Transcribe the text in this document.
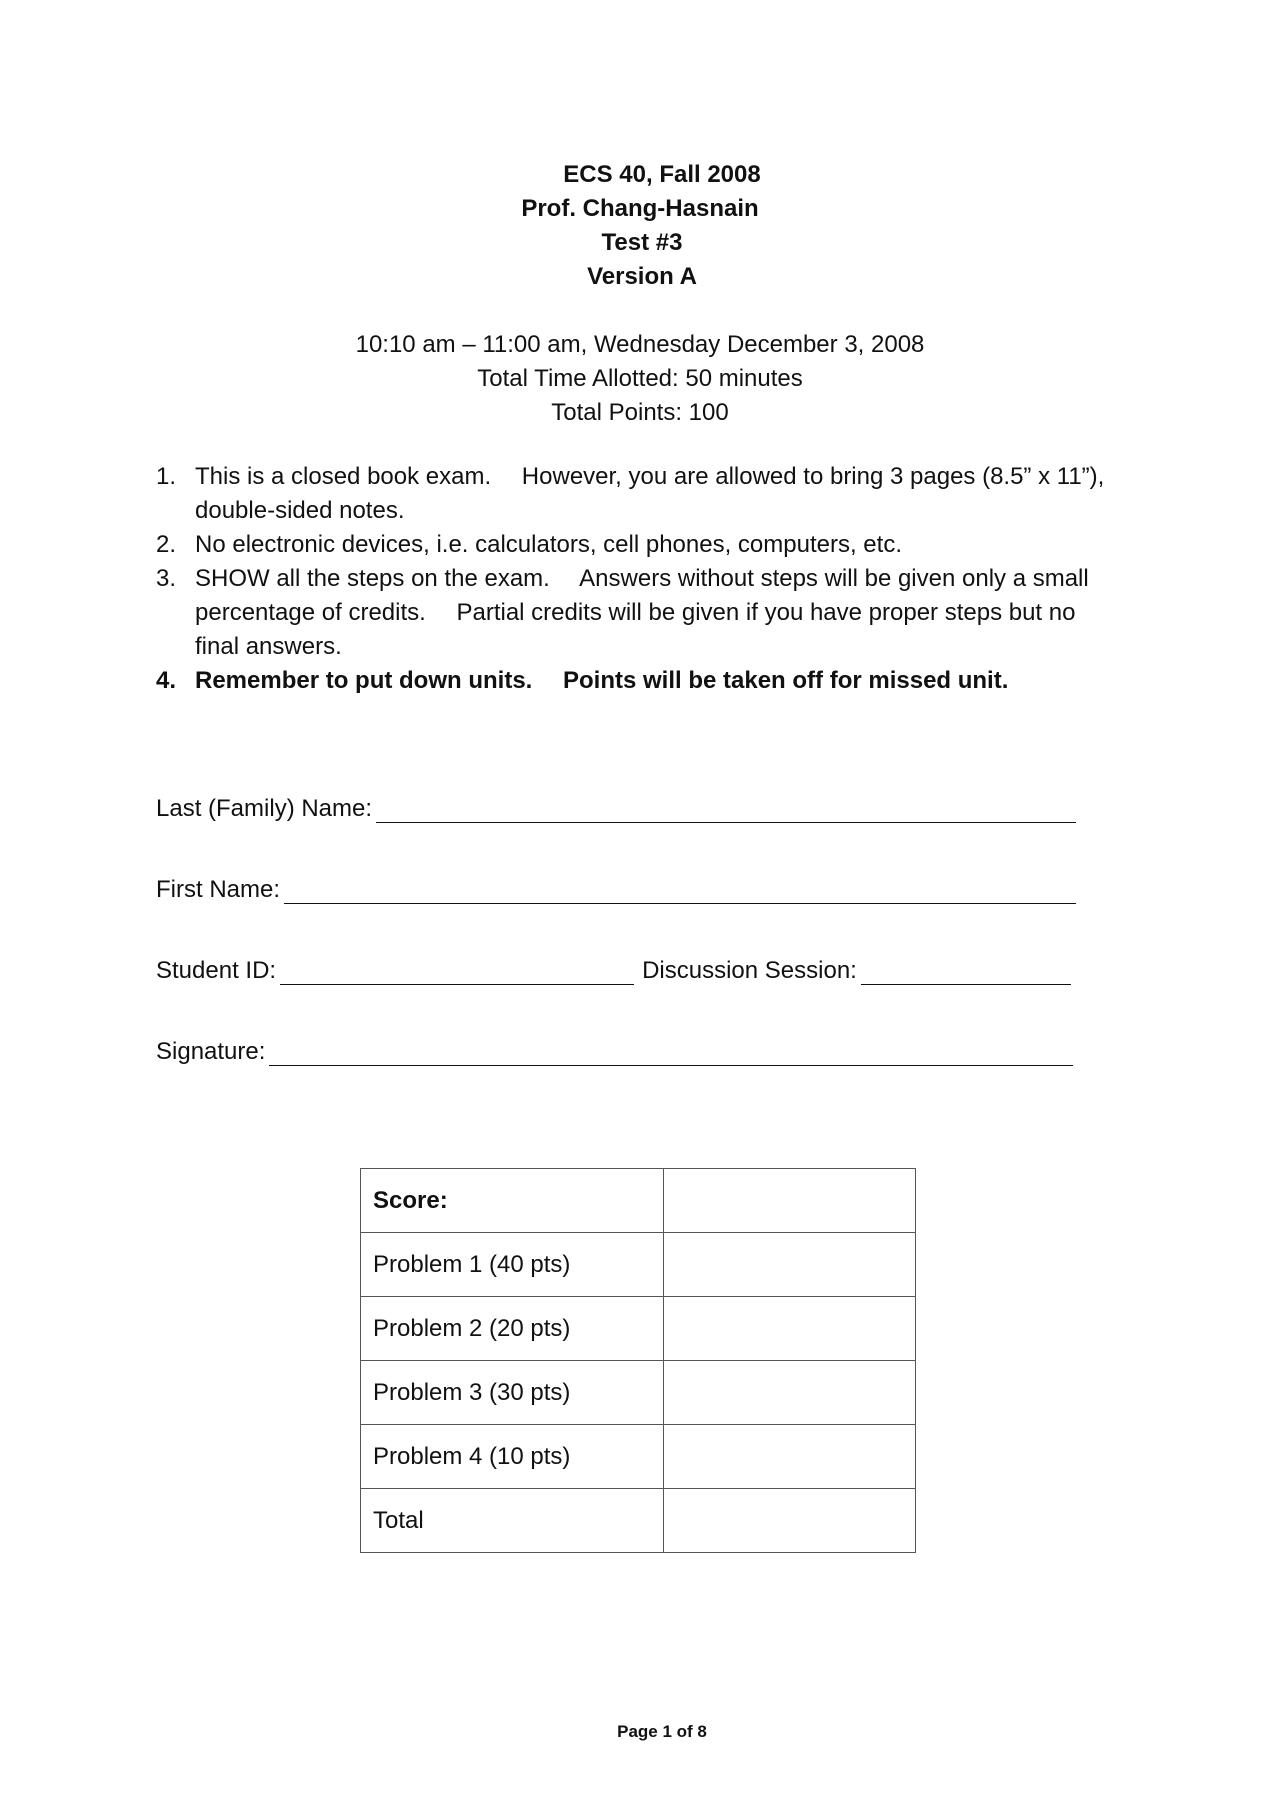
ECS 40, Fall 2008
Prof. Chang-Hasnain
Test #3
Version A
10:10 am – 11:00 am, Wednesday December 3, 2008
Total Time Allotted: 50 minutes
Total Points: 100
1. This is a closed book exam.  However, you are allowed to bring 3 pages (8.5” x 11”), double-sided notes.
2. No electronic devices, i.e. calculators, cell phones, computers, etc.
3. SHOW all the steps on the exam.  Answers without steps will be given only a small percentage of credits.  Partial credits will be given if you have proper steps but no final answers.
4. Remember to put down units.  Points will be taken off for missed unit.
Last (Family) Name:
First Name:
Student ID:	Discussion Session:
Signature:
Score:	
Problem 1 (40 pts)	
Problem 2 (20 pts)	
Problem 3 (30 pts)	
Problem 4 (10 pts)	
Total	
Page 1 of 8
